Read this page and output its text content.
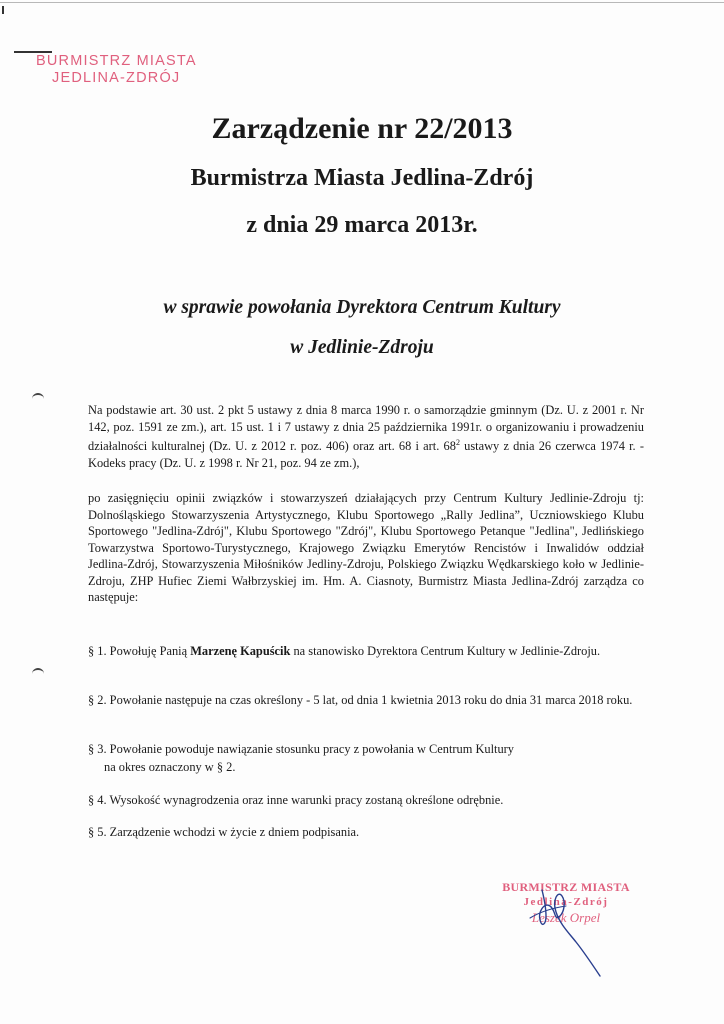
BURMISTRZ MIASTA
JEDLINA-ZDRÓJ
Zarządzenie nr 22/2013
Burmistrza Miasta Jedlina-Zdrój
z dnia 29 marca 2013r.
w sprawie powołania Dyrektora Centrum Kultury
w Jedlinie-Zdroju
Na podstawie art. 30 ust. 2 pkt 5 ustawy z dnia 8 marca 1990 r. o samorządzie gminnym (Dz. U. z 2001 r. Nr 142, poz. 1591 ze zm.), art. 15 ust. 1 i 7 ustawy z dnia 25 października 1991r. o organizowaniu i prowadzeniu działalności kulturalnej (Dz. U. z 2012 r. poz. 406) oraz art. 68 i art. $68^2$ ustawy z dnia 26 czerwca 1974 r. - Kodeks pracy (Dz. U. z 1998 r. Nr 21, poz. 94 ze zm.),
po zasięgnięciu opinii związków i stowarzyszeń działających przy Centrum Kultury Jedlinie-Zdroju tj: Dolnośląskiego Stowarzyszenia Artystycznego, Klubu Sportowego „Rally Jedlina”, Uczniowskiego Klubu Sportowego "Jedlina-Zdrój", Klubu Sportowego "Zdrój", Klubu Sportowego Petanque "Jedlina", Jedlińskiego Towarzystwa Sportowo-Turystycznego, Krajowego Związku Emerytów Rencistów i Inwalidów oddział Jedlina-Zdrój, Stowarzyszenia Miłośników Jedliny-Zdroju, Polskiego Związku Wędkarskiego koło w Jedlinie-Zdroju, ZHP Hufiec Ziemi Wałbrzyskiej im. Hm. A. Ciasnoty, Burmistrz Miasta Jedlina-Zdrój zarządza co następuje:
§ 1. Powołuję Panią Marzenę Kapuścik na stanowisko Dyrektora Centrum Kultury w Jedlinie-Zdroju.
§ 2. Powołanie następuje na czas określony - 5 lat, od dnia 1 kwietnia 2013 roku do dnia 31 marca 2018 roku.
§ 3. Powołanie powoduje nawiązanie stosunku pracy z powołania w Centrum Kultury
na okres oznaczony w § 2.
§ 4. Wysokość wynagrodzenia oraz inne warunki pracy zostaną określone odrębnie.
§ 5. Zarządzenie wchodzi w życie z dniem podpisania.
BURMISTRZ MIASTA
Jedlina-Zdrój
Leszek Orpel
